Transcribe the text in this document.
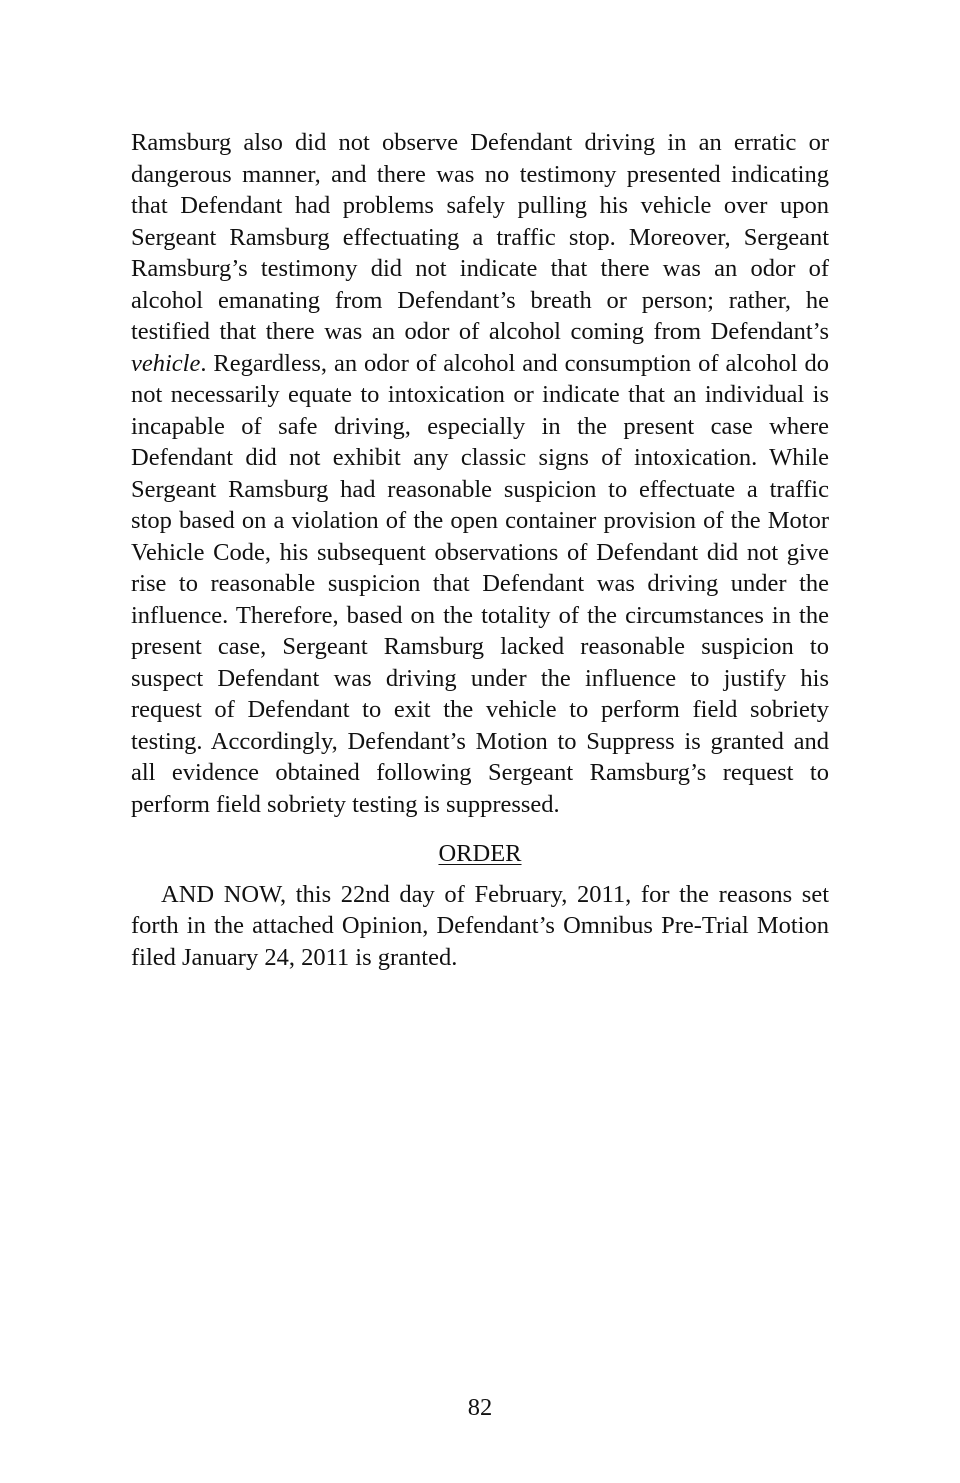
Ramsburg also did not observe Defendant driving in an erratic or dangerous manner, and there was no testimony presented indicating that Defendant had problems safely pulling his vehicle over upon Sergeant Ramsburg effectuating a traffic stop. Moreover, Sergeant Ramsburg’s testimony did not indicate that there was an odor of alcohol emanating from Defendant’s breath or person; rather, he testified that there was an odor of alcohol coming from Defendant’s vehicle. Regardless, an odor of alcohol and consumption of alcohol do not necessarily equate to intoxication or indicate that an individual is incapable of safe driving, especially in the present case where Defendant did not exhibit any classic signs of intoxication. While Sergeant Ramsburg had reasonable suspicion to effectuate a traffic stop based on a violation of the open container provision of the Motor Vehicle Code, his subsequent observations of Defendant did not give rise to reasonable suspicion that Defendant was driving under the influence. Therefore, based on the totality of the circumstances in the present case, Sergeant Ramsburg lacked reasonable suspicion to suspect Defendant was driving under the influence to justify his request of Defendant to exit the vehicle to perform field sobriety testing. Accordingly, Defendant’s Motion to Suppress is granted and all evidence obtained following Sergeant Ramsburg’s request to perform field sobriety testing is suppressed.

ORDER

AND NOW, this 22nd day of February, 2011, for the reasons set forth in the attached Opinion, Defendant’s Omnibus Pre-Trial Motion filed January 24, 2011 is granted.

82
